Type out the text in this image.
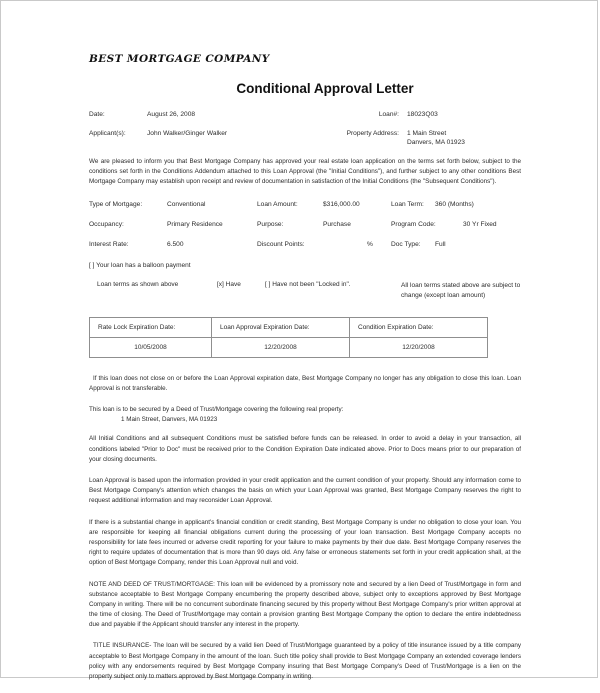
BEST MORTGAGE COMPANY
Conditional Approval Letter
Date:	August 26, 2008	Loan#:	18023Q03
Applicant(s):	John Walker/Ginger Walker	Property Address:	1 Main Street
Danvers, MA 01923

We are pleased to inform you that Best Mortgage Company has approved your real estate loan application on the terms set forth below, subject to the conditions set forth in the Conditions Addendum attached to this Loan Approval (the "Initial Conditions"), and further subject to any other conditions Best Mortgage Company may establish upon receipt and review of documentation in satisfaction of the Initial Conditions (the "Subsequent Conditions").

Type of Mortgage:	Conventional	Loan Amount:	$316,000.00	Loan Term:	360 (Months)
Occupancy:	Primary Residence	Purpose:	Purchase	Program Code:	30 Yr Fixed
Interest Rate:	6.500	Discount Points:	%	Doc Type:	Full
[ ] Your loan has a balloon payment
Loan terms as shown above	[x] Have	[ ] Have not been "Locked in".	All loan terms stated above are subject to change (except loan amount)
Rate Lock Expiration Date:	Loan Approval Expiration Date:	Condition Expiration Date:
10/05/2008	12/20/2008	12/20/2008

If this loan does not close on or before the Loan Approval expiration date, Best Mortgage Company no longer has any obligation to close this loan. Loan Approval is not transferable.

This loan is to be secured by a Deed of Trust/Mortgage covering the following real property:
1 Main Street, Danvers, MA 01923

All Initial Conditions and all subsequent Conditions must be satisfied before funds can be released. In order to avoid a delay in your transaction, all conditions labeled "Prior to Doc" must be received prior to the Condition Expiration Date indicated above. Prior to Docs means prior to our preparation of your closing documents.

Loan Approval is based upon the information provided in your credit application and the current condition of your property. Should any information come to Best Mortgage Company's attention which changes the basis on which your Loan Approval was granted, Best Mortgage Company reserves the right to request additional information and may reconsider Loan Approval.

If there is a substantial change in applicant's financial condition or credit standing, Best Mortgage Company is under no obligation to close your loan. You are responsible for keeping all financial obligations current during the processing of your loan transaction. Best Mortgage Company accepts no responsibility for late fees incurred or adverse credit reporting for your failure to make payments by their due date. Best Mortgage Company reserves the right to require updates of documentation that is more than 90 days old. Any false or erroneous statements set forth in your credit application shall, at the option of Best Mortgage Company, render this Loan Approval null and void.

NOTE AND DEED OF TRUST/MORTGAGE: This loan will be evidenced by a promissory note and secured by a lien Deed of Trust/Mortgage in form and substance acceptable to Best Mortgage Company encumbering the property described above, subject only to exceptions approved by Best Mortgage Company in writing. There will be no concurrent subordinate financing secured by this property without Best Mortgage Company's prior written approval at the time of closing. The Deed of Trust/Mortgage may contain a provision granting Best Mortgage Company the option to declare the entire indebtedness due and payable if the Applicant should transfer any interest in the property.

TITLE INSURANCE- The loan will be secured by a valid lien Deed of Trust/Mortgage guaranteed by a policy of title insurance issued by a title company acceptable to Best Mortgage Company in the amount of the loan. Such title policy shall provide to Best Mortgage Company an extended coverage lenders policy with any endorsements required by Best Mortgage Company insuring that Best Mortgage Company's Deed of Trust/Mortgage is a lien on the property subject only to matters approved by Best Mortgage Company in writing.
